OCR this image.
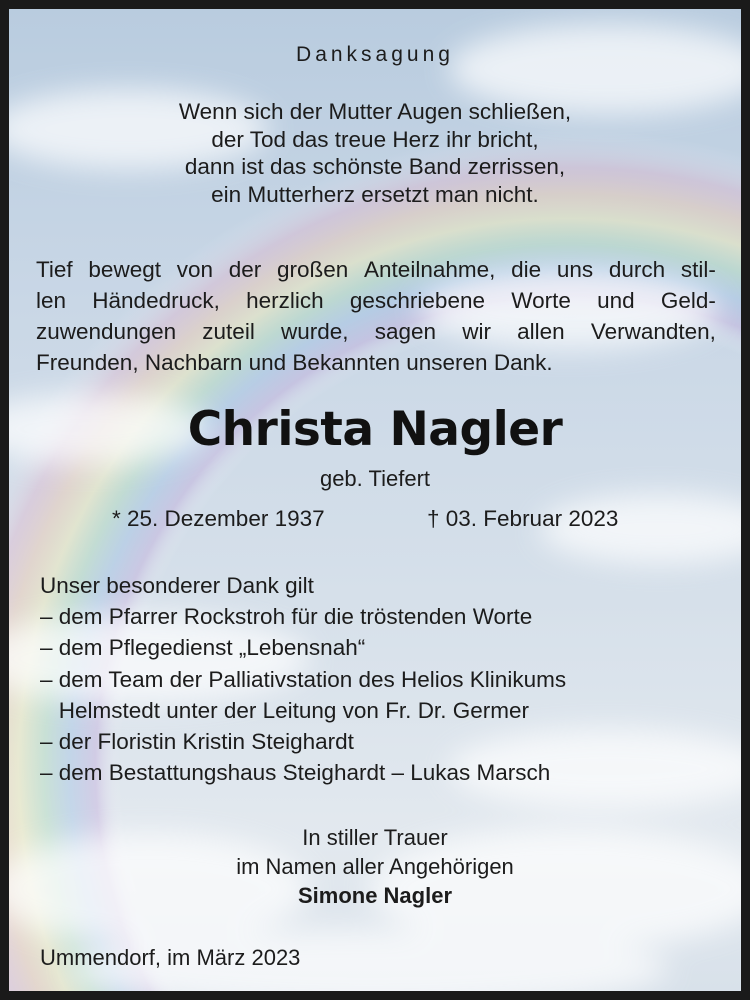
Danksagung
Wenn sich der Mutter Augen schließen,
der Tod das treue Herz ihr bricht,
dann ist das schönste Band zerrissen,
ein Mutterherz ersetzt man nicht.
Tief bewegt von der großen Anteilnahme, die uns durch stil-
len Händedruck, herzlich geschriebene Worte und Geld-
zuwendungen zuteil wurde, sagen wir allen Verwandten,
Freunden, Nachbarn und Bekannten unseren Dank.
Christa Nagler
geb. Tiefert
* 25. Dezember 1937	† 03. Februar 2023
Unser besonderer Dank gilt
– dem Pfarrer Rockstroh für die tröstenden Worte
– dem Pflegedienst „Lebensnah“
– dem Team der Palliativstation des Helios Klinikums
Helmstedt unter der Leitung von Fr. Dr. Germer
– der Floristin Kristin Steighardt
– dem Bestattungshaus Steighardt – Lukas Marsch
In stiller Trauer
im Namen aller Angehörigen
Simone Nagler
Ummendorf, im März 2023
